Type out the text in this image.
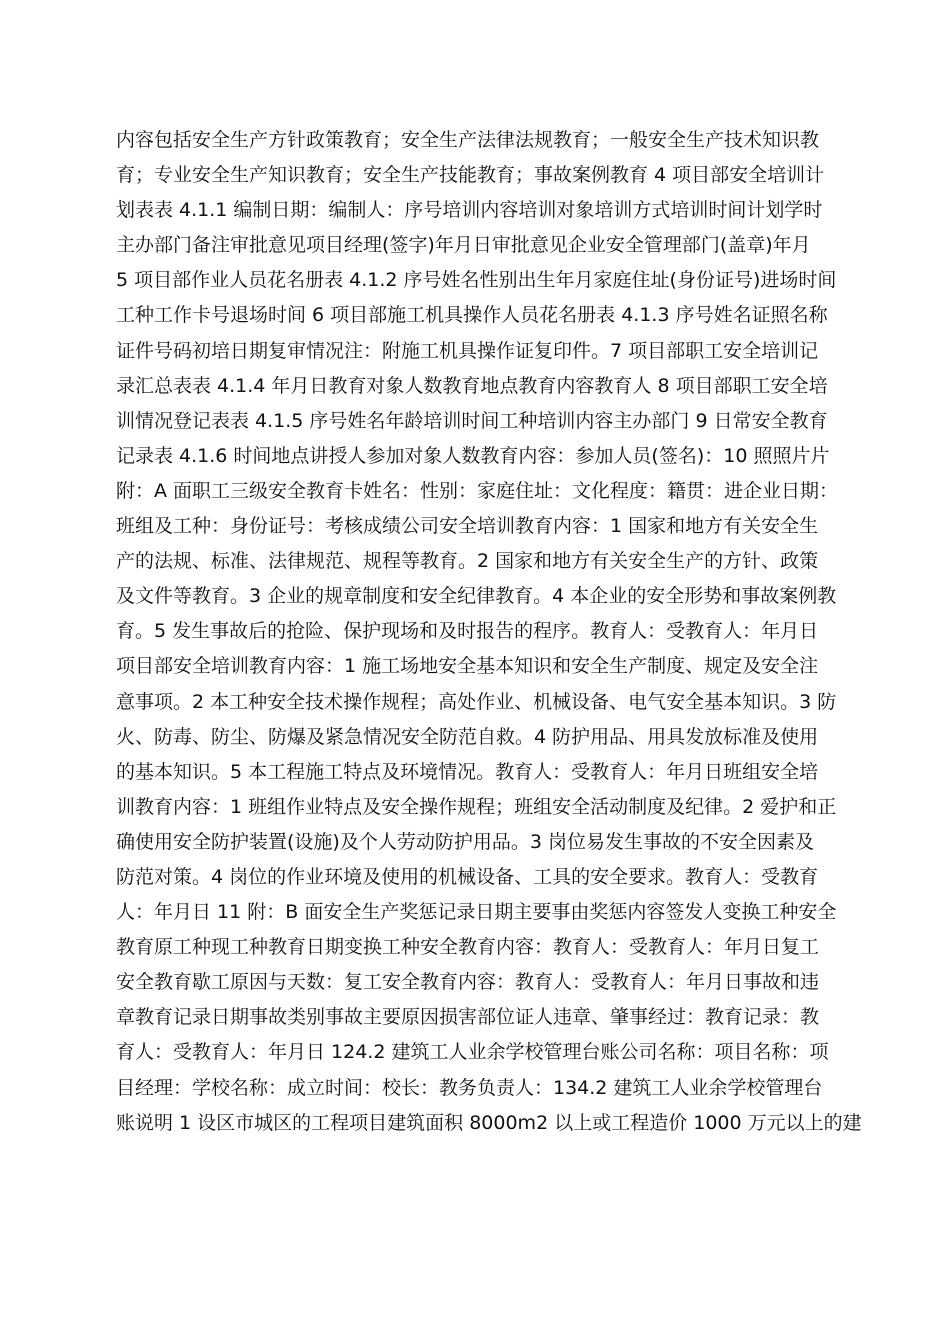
内容包括安全生产方针政策教育；安全生产法律法规教育；一般安全生产技术知识教
育；专业安全生产知识教育；安全生产技能教育；事故案例教育 4 项目部安全培训计
划表表 4.1.1 编制日期：编制人：序号培训内容培训对象培训方式培训时间计划学时
主办部门备注审批意见项目经理(签字)年月日审批意见企业安全管理部门(盖章)年月
5 项目部作业人员花名册表 4.1.2 序号姓名性别出生年月家庭住址(身份证号)进场时间
工种工作卡号退场时间 6 项目部施工机具操作人员花名册表 4.1.3 序号姓名证照名称
证件号码初培日期复审情况注：附施工机具操作证复印件。7 项目部职工安全培训记
录汇总表表 4.1.4 年月日教育对象人数教育地点教育内容教育人 8 项目部职工安全培
训情况登记表表 4.1.5 序号姓名年龄培训时间工种培训内容主办部门 9 日常安全教育
记录表 4.1.6 时间地点讲授人参加对象人数教育内容：参加人员(签名)：10 照照片片
附：A 面职工三级安全教育卡姓名：性别：家庭住址：文化程度：籍贯：进企业日期：
班组及工种：身份证号：考核成绩公司安全培训教育内容：1 国家和地方有关安全生
产的法规、标准、法律规范、规程等教育。2 国家和地方有关安全生产的方针、政策
及文件等教育。3 企业的规章制度和安全纪律教育。4 本企业的安全形势和事故案例教
育。5 发生事故后的抢险、保护现场和及时报告的程序。教育人：受教育人：年月日
项目部安全培训教育内容：1 施工场地安全基本知识和安全生产制度、规定及安全注
意事项。2 本工种安全技术操作规程；高处作业、机械设备、电气安全基本知识。3 防
火、防毒、防尘、防爆及紧急情况安全防范自救。4 防护用品、用具发放标准及使用
的基本知识。5 本工程施工特点及环境情况。教育人：受教育人：年月日班组安全培
训教育内容：1 班组作业特点及安全操作规程；班组安全活动制度及纪律。2 爱护和正
确使用安全防护装置(设施)及个人劳动防护用品。3 岗位易发生事故的不安全因素及
防范对策。4 岗位的作业环境及使用的机械设备、工具的安全要求。教育人：受教育
人：年月日 11 附：B 面安全生产奖惩记录日期主要事由奖惩内容签发人变换工种安全
教育原工种现工种教育日期变换工种安全教育内容：教育人：受教育人：年月日复工
安全教育歇工原因与天数：复工安全教育内容：教育人：受教育人：年月日事故和违
章教育记录日期事故类别事故主要原因损害部位证人违章、肇事经过：教育记录：教
育人：受教育人：年月日 124.2 建筑工人业余学校管理台账公司名称：项目名称：项
目经理：学校名称：成立时间：校长：教务负责人：134.2 建筑工人业余学校管理台
账说明 1 设区市城区的工程项目建筑面积 8000m2 以上或工程造价 1000 万元以上的建
